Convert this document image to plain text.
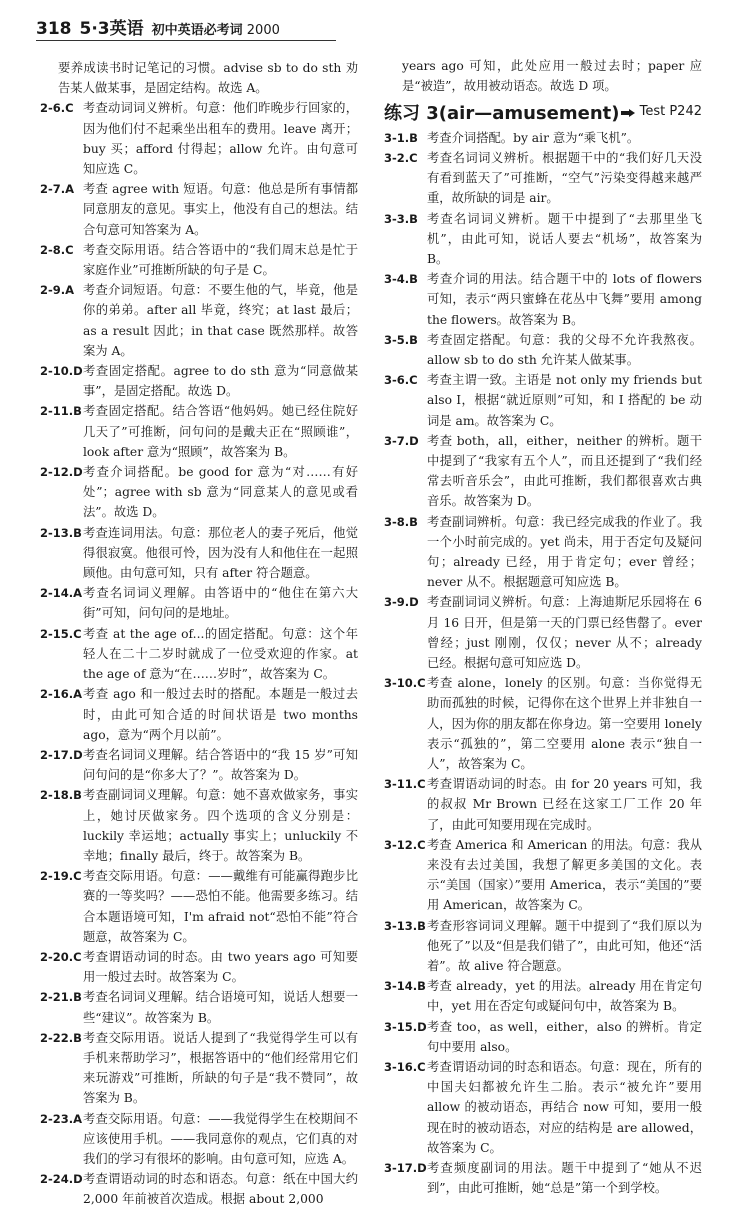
318 5·3英语 初中英语必考词 2000

要养成读书时记笔记的习惯。advise sb to do sth 劝告某人做某事，是固定结构。故选 A。

2-6.C 考查动词词义辨析。句意：他们昨晚步行回家的，因为他们付不起乘坐出租车的费用。leave 离开；buy 买；afford 付得起；allow 允许。由句意可知应选 C。

2-7.A 考查 agree with 短语。句意：他总是所有事情都同意朋友的意见。事实上，他没有自己的想法。结合句意可知答案为 A。

2-8.C 考查交际用语。结合答语中的“我们周末总是忙于家庭作业”可推断所缺的句子是 C。

2-9.A 考查介词短语。句意：不要生他的气，毕竟，他是你的弟弟。after all 毕竟，终究；at last 最后；as a result 因此；in that case 既然那样。故答案为 A。

2-10.D 考查固定搭配。agree to do sth 意为“同意做某事”，是固定搭配。故选 D。

2-11.B 考查固定搭配。结合答语“他妈妈。她已经住院好几天了”可推断，问句问的是戴夫正在“照顾谁”，look after 意为“照顾”，故答案为 B。

2-12.D 考查介词搭配。be good for 意为“对……有好处”；agree with sb 意为“同意某人的意见或看法”。故选 D。

2-13.B 考查连词用法。句意：那位老人的妻子死后，他觉得很寂寞。他很可怜，因为没有人和他住在一起照顾他。由句意可知，只有 after 符合题意。

2-14.A 考查名词词义理解。由答语中的“他住在第六大街”可知，问句问的是地址。

2-15.C 考查 at the age of...的固定搭配。句意：这个年轻人在二十二岁时就成了一位受欢迎的作家。at the age of 意为“在……岁时”，故答案为 C。

2-16.A 考查 ago 和一般过去时的搭配。本题是一般过去时，由此可知合适的时间状语是 two months ago，意为“两个月以前”。

2-17.D 考查名词词义理解。结合答语中的“我 15 岁”可知问句问的是“你多大了？”。故答案为 D。

2-18.B 考查副词词义理解。句意：她不喜欢做家务，事实上，她讨厌做家务。四个选项的含义分别是：luckily 幸运地；actually 事实上；unluckily 不幸地；finally 最后，终于。故答案为 B。

2-19.C 考查交际用语。句意：——戴维有可能赢得跑步比赛的一等奖吗？——恐怕不能。他需要多练习。结合本题语境可知，I'm afraid not“恐怕不能”符合题意，故答案为 C。

2-20.C 考查谓语动词的时态。由 two years ago 可知要用一般过去时。故答案为 C。

2-21.B 考查名词词义理解。结合语境可知，说话人想要一些“建议”。故答案为 B。

2-22.B 考查交际用语。说话人提到了“我觉得学生可以有手机来帮助学习”，根据答语中的“他们经常用它们来玩游戏”可推断，所缺的句子是“我不赞同”，故答案为 B。

2-23.A 考查交际用语。句意：——我觉得学生在校期间不应该使用手机。——我同意你的观点，它们真的对我们的学习有很坏的影响。由句意可知，应选 A。

2-24.D 考查谓语动词的时态和语态。句意：纸在中国大约 2,000 年前被首次造成。根据 about 2,000

years ago 可知，此处应用一般过去时；paper 应是“被造”，故用被动语态。故选 D 项。

练习 3(air—amusement) Test P242

3-1.B 考查介词搭配。by air 意为“乘飞机”。

3-2.C 考查名词词义辨析。根据题干中的“我们好几天没有看到蓝天了”可推断，“空气”污染变得越来越严重，故所缺的词是 air。

3-3.B 考查名词词义辨析。题干中提到了“去那里坐飞机”，由此可知，说话人要去“机场”，故答案为 B。

3-4.B 考查介词的用法。结合题干中的 lots of flowers 可知，表示“两只蜜蜂在花丛中飞舞”要用 among the flowers。故答案为 B。

3-5.B 考查固定搭配。句意：我的父母不允许我熬夜。allow sb to do sth 允许某人做某事。

3-6.C 考查主谓一致。主语是 not only my friends but also I，根据“就近原则”可知，和 I 搭配的 be 动词是 am。故答案为 C。

3-7.D 考查 both，all，either，neither 的辨析。题干中提到了“我家有五个人”，而且还提到了“我们经常去听音乐会”，由此可推断，我们都很喜欢古典音乐。故答案为 D。

3-8.B 考查副词辨析。句意：我已经完成我的作业了。我一个小时前完成的。yet 尚未，用于否定句及疑问句；already 已经，用于肯定句；ever 曾经；never 从不。根据题意可知应选 B。

3-9.D 考查副词词义辨析。句意：上海迪斯尼乐园将在 6 月 16 日开，但是第一天的门票已经售罄了。ever 曾经；just 刚刚，仅仅；never 从不；already 已经。根据句意可知应选 D。

3-10.C 考查 alone，lonely 的区别。句意：当你觉得无助而孤独的时候，记得你在这个世界上并非独自一人，因为你的朋友都在你身边。第一空要用 lonely 表示“孤独的”，第二空要用 alone 表示“独自一人”，故答案为 C。

3-11.C 考查谓语动词的时态。由 for 20 years 可知，我的叔叔 Mr Brown 已经在这家工厂工作 20 年了，由此可知要用现在完成时。

3-12.C 考查 America 和 American 的用法。句意：我从来没有去过美国，我想了解更多美国的文化。表示“美国（国家）”要用 America，表示“美国的”要用 American，故答案为 C。

3-13.B 考查形容词词义理解。题干中提到了“我们原以为他死了”以及“但是我们错了”，由此可知，他还“活着”。故 alive 符合题意。

3-14.B 考查 already，yet 的用法。already 用在肯定句中，yet 用在否定句或疑问句中，故答案为 B。

3-15.D 考查 too，as well，either，also 的辨析。肯定句中要用 also。

3-16.C 考查谓语动词的时态和语态。句意：现在，所有的中国夫妇都被允许生二胎。表示“被允许”要用 allow 的被动语态，再结合 now 可知，要用一般现在时的被动语态，对应的结构是 are allowed，故答案为 C。

3-17.D 考查频度副词的用法。题干中提到了“她从不迟到”，由此可推断，她“总是”第一个到学校。
